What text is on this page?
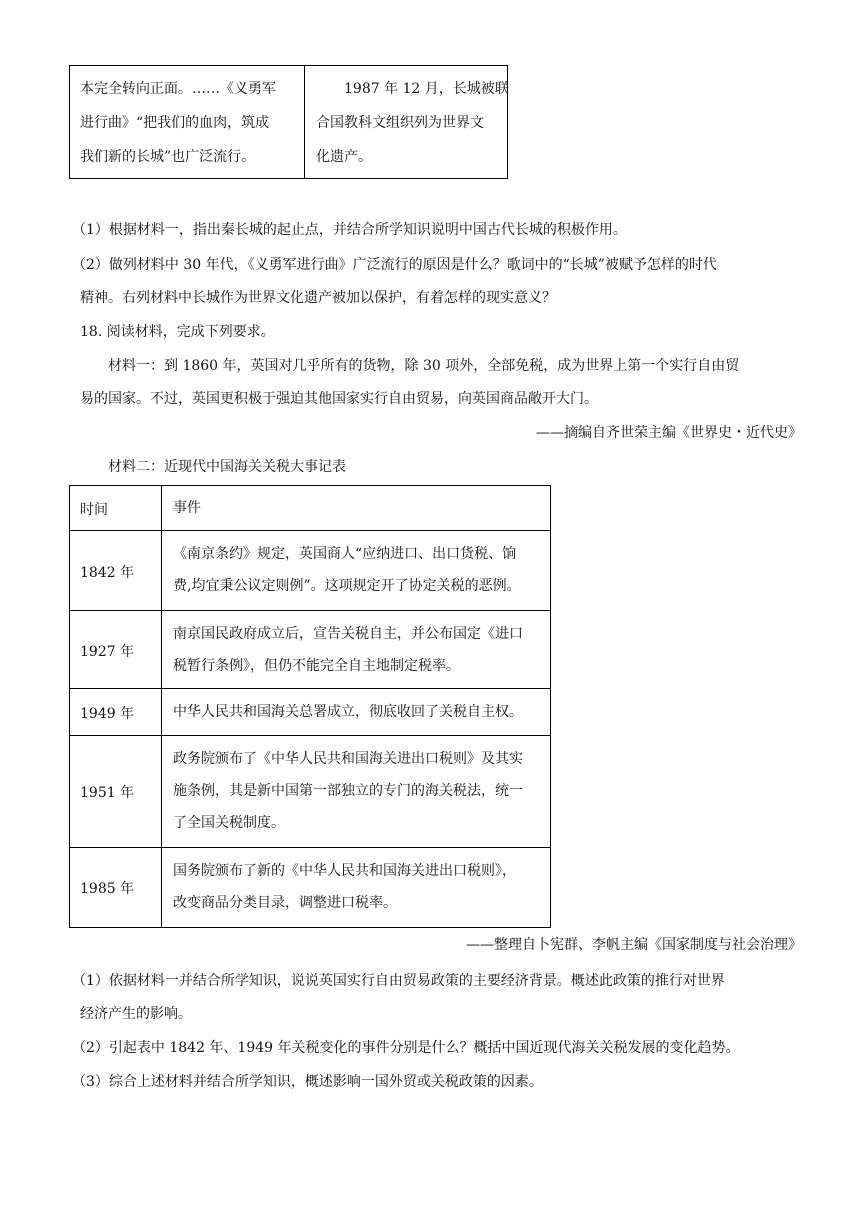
本完全转向正面。……《义勇军
进行曲》“把我们的血肉，筑成
我们新的长城”也广泛流行。
1987 年 12 月，长城被联
合国教科文组织列为世界文
化遗产。
（1）根据材料一，指出秦长城的起止点，并结合所学知识说明中国古代长城的积极作用。
（2）做列材料中 30 年代，《义勇军进行曲》广泛流行的原因是什么？歌词中的“长城”被赋予怎样的时代
精神。右列材料中长城作为世界文化遗产被加以保护，有着怎样的现实意义？
18. 阅读材料，完成下列要求。
材料一：到 1860 年，英国对几乎所有的货物，除 30 项外，全部免税，成为世界上第一个实行自由贸
易的国家。不过，英国更积极于强迫其他国家实行自由贸易，向英国商品敞开大门。
——摘编自齐世荣主编《世界史・近代史》
材料二：近现代中国海关关税大事记表
时间	事件
1842 年
《南京条约》规定，英国商人“应纳进口、出口货税、饷
费,均宜秉公议定则例”。这项规定开了协定关税的恶例。
1927 年
南京国民政府成立后，宣告关税自主，并公布国定《进口
税暂行条例》，但仍不能完全自主地制定税率。
1949 年	中华人民共和国海关总署成立，彻底收回了关税自主权。
1951 年
政务院颁布了《中华人民共和国海关进出口税则》及其实
施条例，其是新中国第一部独立的专门的海关税法，统一
了全国关税制度。
1985 年
国务院颁布了新的《中华人民共和国海关进出口税则》，
改变商品分类目录，调整进口税率。
——整理自卜宪群、李帆主编《国家制度与社会治理》
（1）依据材料一并结合所学知识，说说英国实行自由贸易政策的主要经济背景。概述此政策的推行对世界
经济产生的影响。
（2）引起表中 1842 年、1949 年关税变化的事件分别是什么？概括中国近现代海关关税发展的变化趋势。
（3）综合上述材料并结合所学知识，概述影响一国外贸或关税政策的因素。
